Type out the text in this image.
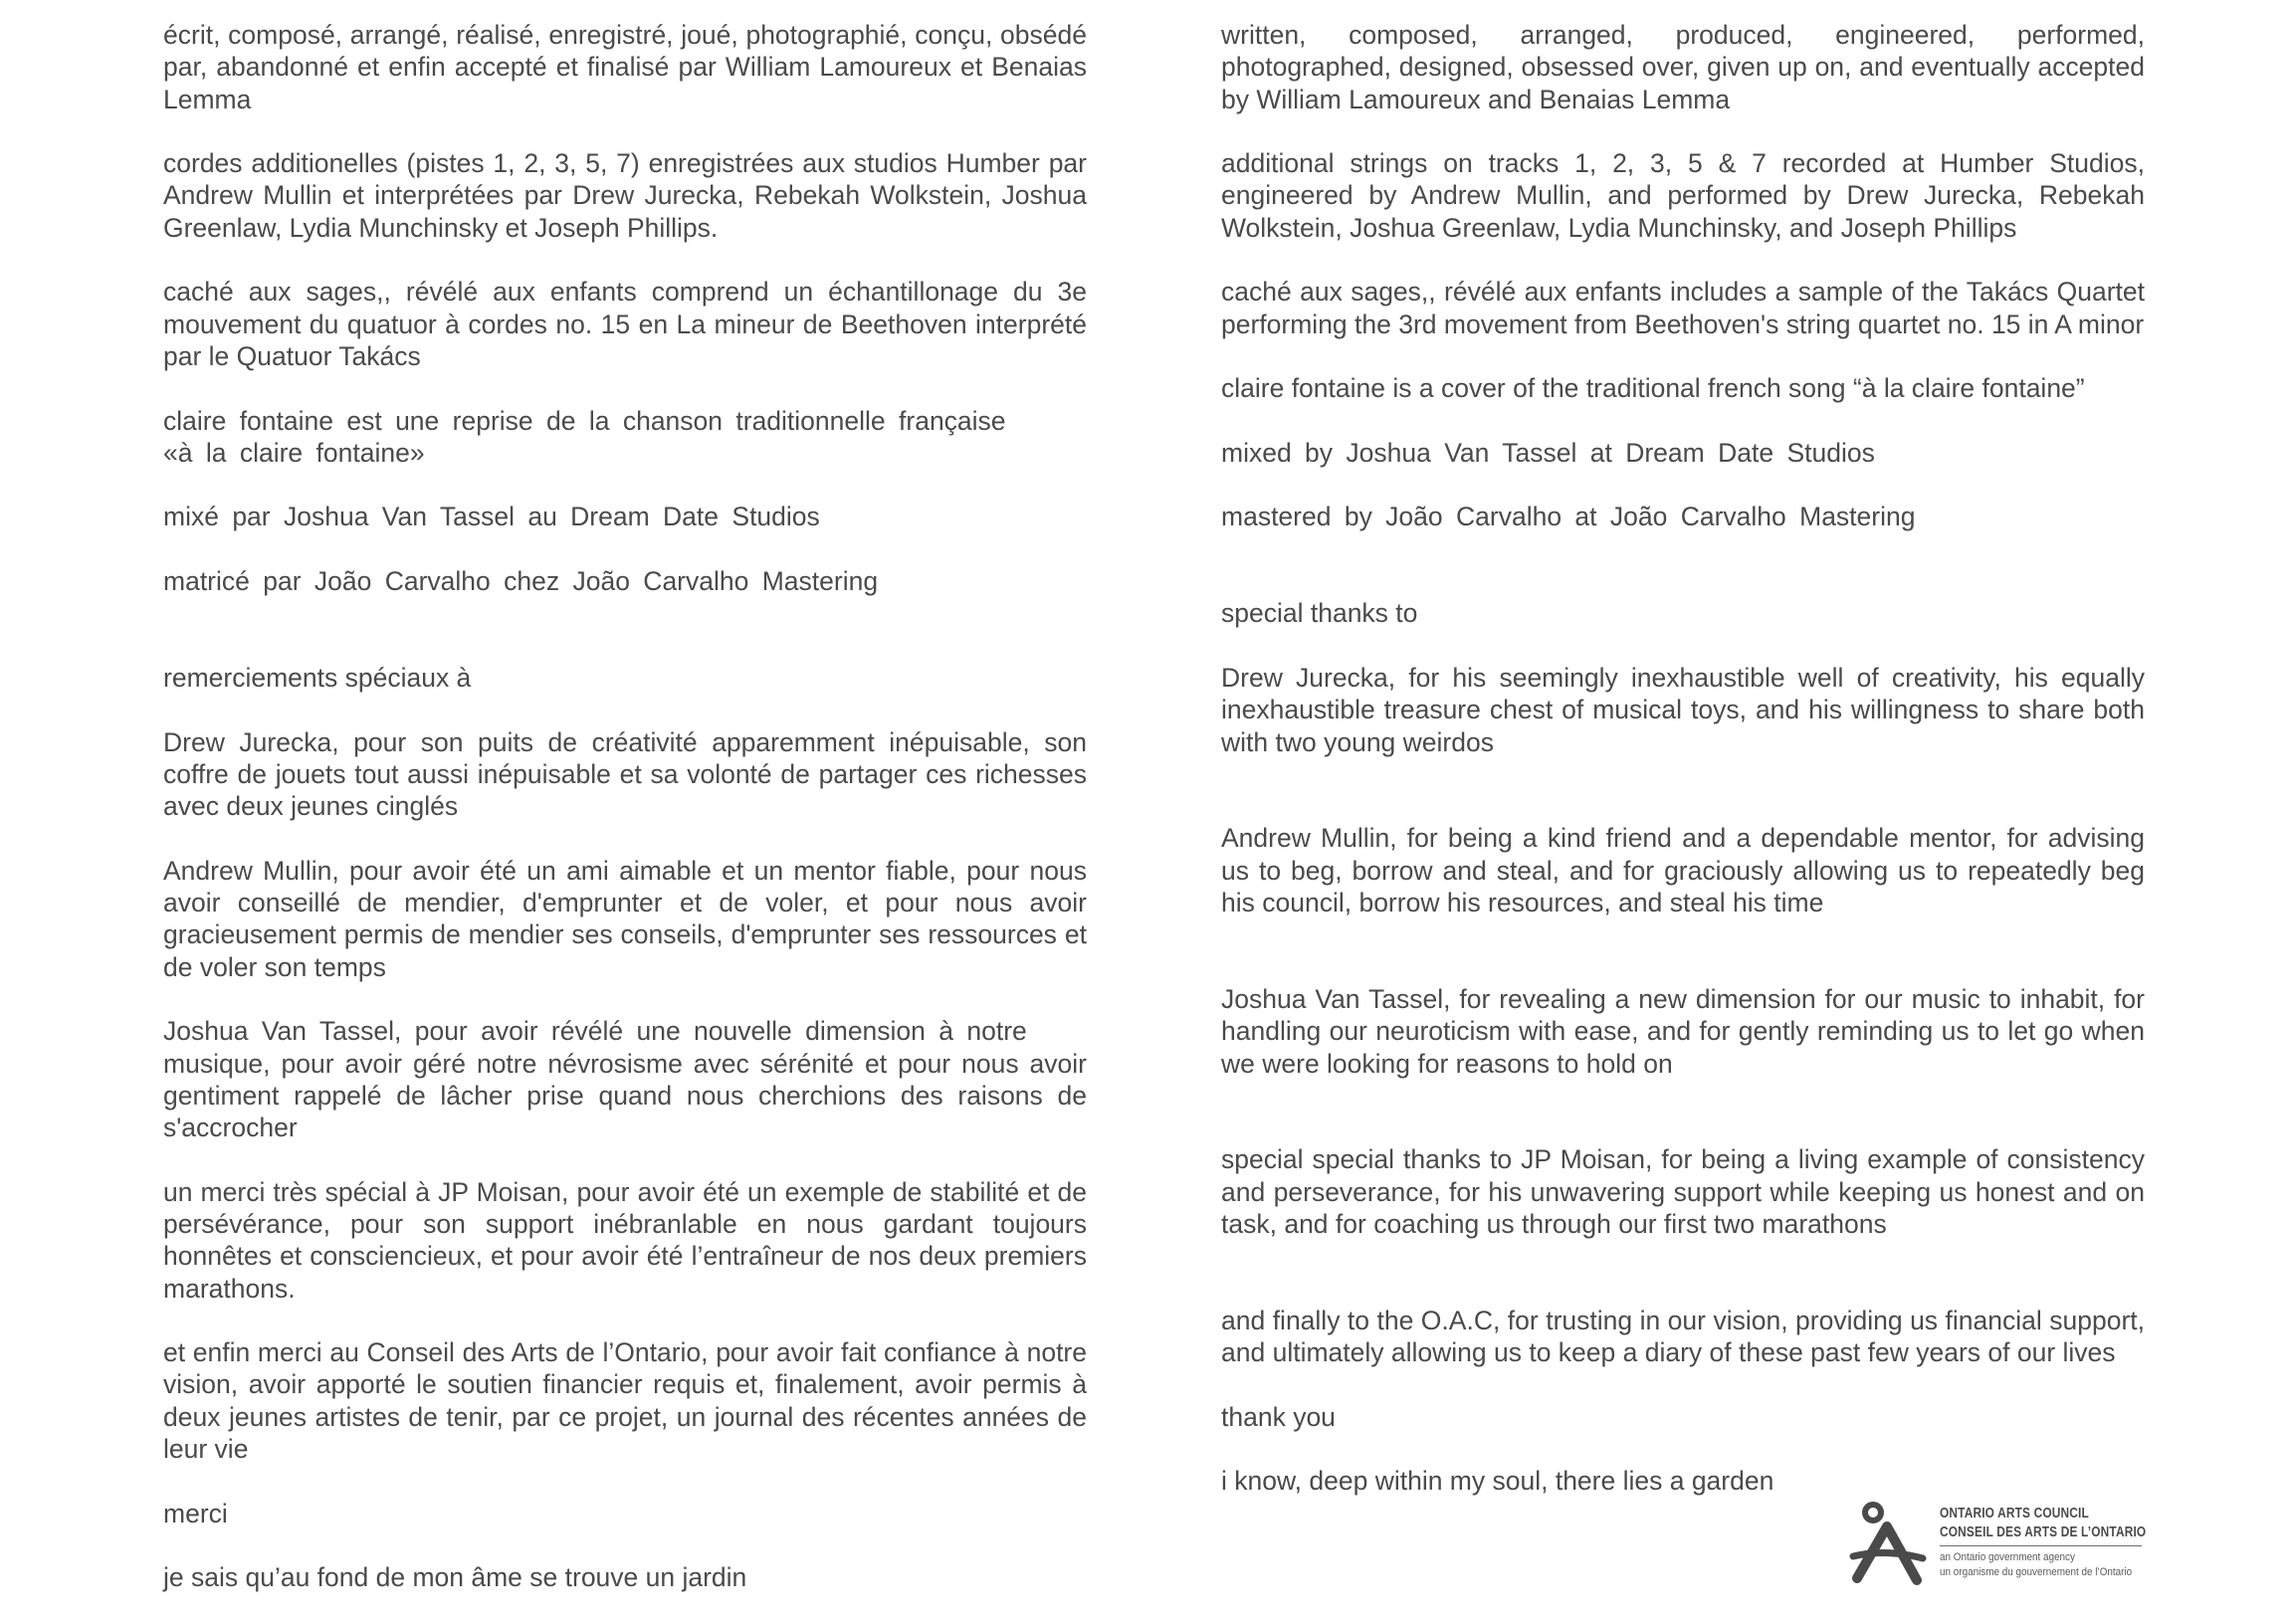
écrit, composé, arrangé, réalisé, enregistré, joué, photographié, conçu, obsédé par, abandonné et enfin accepté et finalisé par William Lamoureux et Benaias Lemma

cordes additionelles (pistes 1, 2, 3, 5, 7) enregistrées aux studios Humber par Andrew Mullin et interprétées par Drew Jurecka, Rebekah Wolkstein, Joshua Greenlaw, Lydia Munchinsky et Joseph Phillips.

caché aux sages,, révélé aux enfants comprend un échantillonage du 3e mouvement du quatuor à cordes no. 15 en La mineur de Beethoven interprété par le Quatuor Takács

claire fontaine est une reprise de la chanson traditionnelle française

«à la claire fontaine»

mixé par Joshua Van Tassel au Dream Date Studios

matricé par João Carvalho chez João Carvalho Mastering

remerciements spéciaux à

Drew Jurecka, pour son puits de créativité apparemment inépuisable, son coffre de jouets tout aussi inépuisable et sa volonté de partager ces richesses avec deux jeunes cinglés

Andrew Mullin, pour avoir été un ami aimable et un mentor fiable, pour nous avoir conseillé de mendier, d'emprunter et de voler, et pour nous avoir gracieusement permis de mendier ses conseils, d'emprunter ses ressources et de voler son temps

Joshua Van Tassel, pour avoir révélé une nouvelle dimension à notre

musique, pour avoir géré notre névrosisme avec sérénité et pour nous avoir gentiment rappelé de lâcher prise quand nous cherchions des raisons de s'accrocher

un merci très spécial à JP Moisan, pour avoir été un exemple de stabilité et de persévérance, pour son support inébranlable en nous gardant toujours honnêtes et consciencieux, et pour avoir été l’entraîneur de nos deux premiers marathons.

et enfin merci au Conseil des Arts de l’Ontario, pour avoir fait confiance à notre vision, avoir apporté le soutien financier requis et, finalement, avoir permis à deux jeunes artistes de tenir, par ce projet, un journal des récentes années de leur vie

merci

je sais qu’au fond de mon âme se trouve un jardin

written, composed, arranged, produced, engineered, performed, photographed, designed, obsessed over, given up on, and eventually accepted by William Lamoureux and Benaias Lemma

additional strings on tracks 1, 2, 3, 5 & 7 recorded at Humber Studios, engineered by Andrew Mullin, and performed by Drew Jurecka, Rebekah Wolkstein, Joshua Greenlaw, Lydia Munchinsky, and Joseph Phillips

caché aux sages,, révélé aux enfants includes a sample of the Takács Quartet performing the 3rd movement from Beethoven's string quartet no. 15 in A minor

claire fontaine is a cover of the traditional french song “à la claire fontaine”

mixed by Joshua Van Tassel at Dream Date Studios

mastered by João Carvalho at João Carvalho Mastering

special thanks to

Drew Jurecka, for his seemingly inexhaustible well of creativity, his equally inexhaustible treasure chest of musical toys, and his willingness to share both with two young weirdos

Andrew Mullin, for being a kind friend and a dependable mentor, for advising us to beg, borrow and steal, and for graciously allowing us to repeatedly beg his council, borrow his resources, and steal his time

Joshua Van Tassel, for revealing a new dimension for our music to inhabit, for handling our neuroticism with ease, and for gently reminding us to let go when we were looking for reasons to hold on

special special thanks to JP Moisan, for being a living example of consistency and perseverance, for his unwavering support while keeping us honest and on task, and for coaching us through our first two marathons

and finally to the O.A.C, for trusting in our vision, providing us financial support, and ultimately allowing us to keep a diary of these past few years of our lives

thank you

i know, deep within my soul, there lies a garden

ONTARIO ARTS COUNCIL
CONSEIL DES ARTS DE L’ONTARIO
an Ontario government agency
un organisme du gouvernement de l’Ontario
